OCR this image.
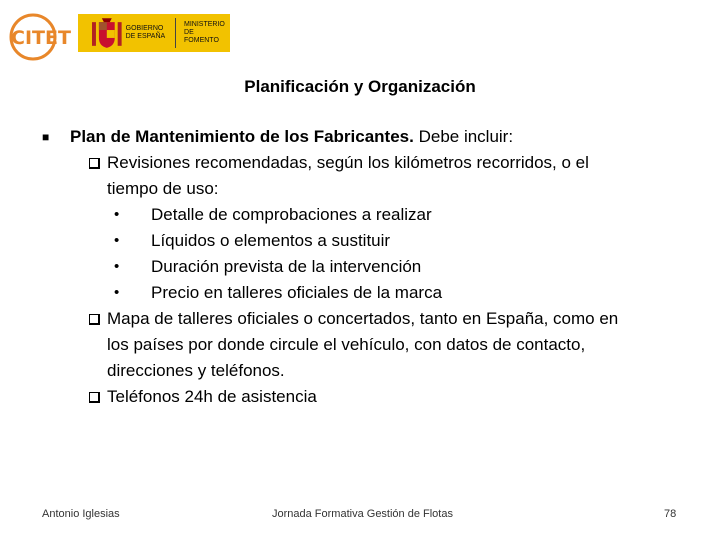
CITET	GOBIERNO
DE ESPAÑA
MINISTERIO
DE FOMENTO
Planificación y Organización
■ Plan de Mantenimiento de los Fabricantes. Debe incluir:
Revisiones recomendadas, según los kilómetros recorridos, o el
tiempo de uso:
• Detalle de comprobaciones a realizar
• Líquidos o elementos a sustituir
• Duración prevista de la intervención
• Precio en talleres oficiales de la marca
Mapa de talleres oficiales o concertados, tanto en España, como en
los países por donde circule el vehículo, con datos de contacto,
direcciones y teléfonos.
Teléfonos 24h de asistencia
Antonio Iglesias	Jornada Formativa Gestión de Flotas	78
